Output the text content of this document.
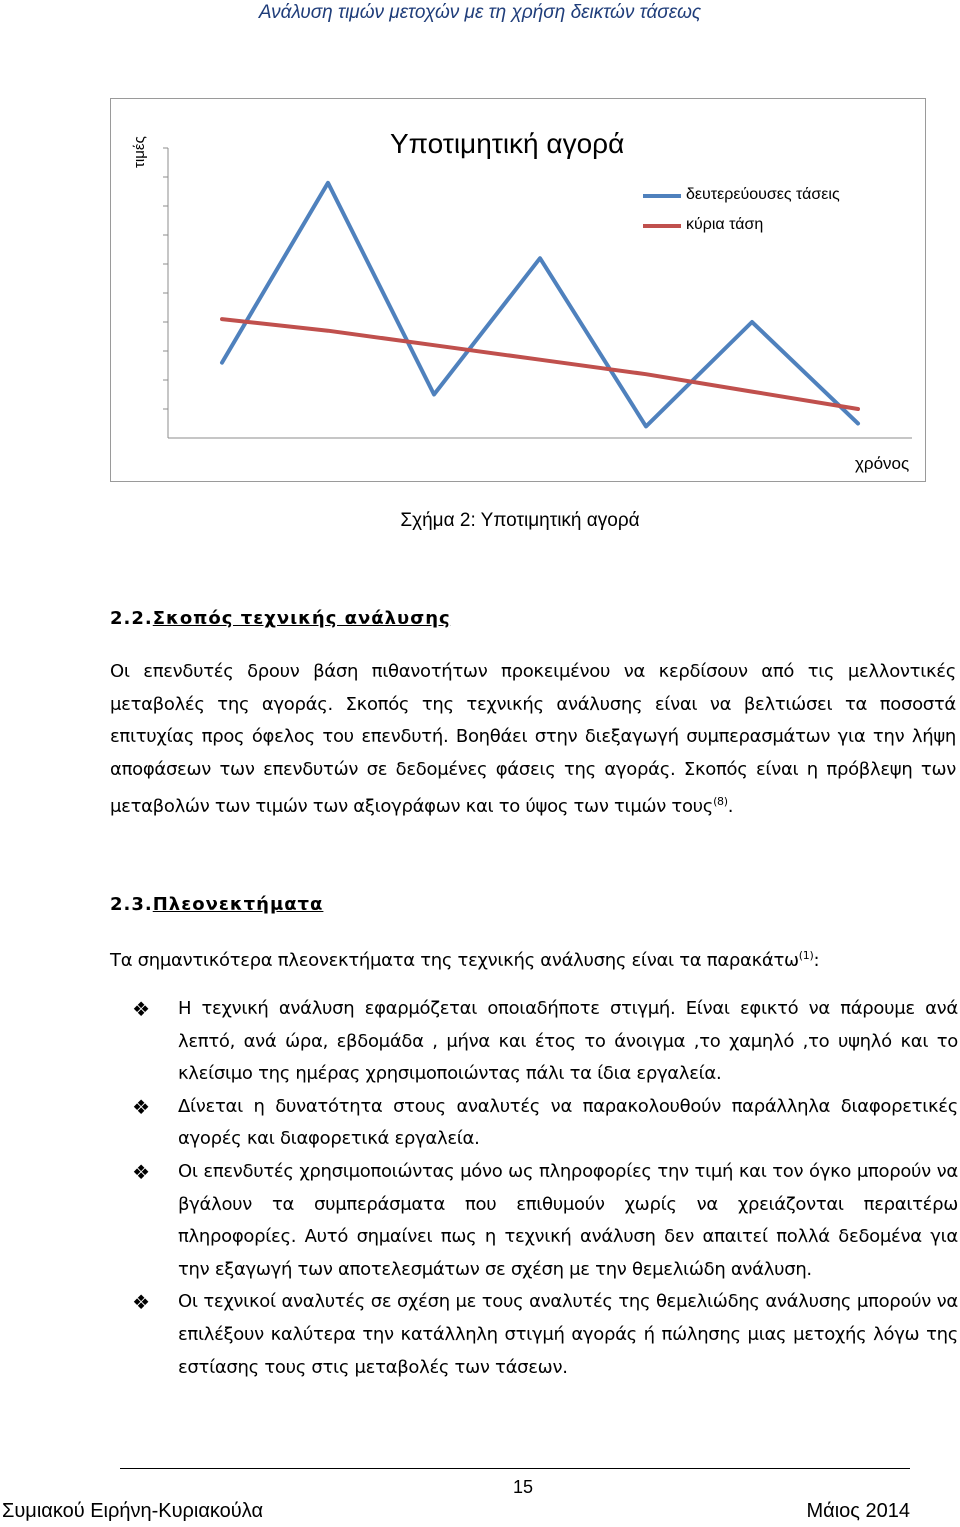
Ανάλυση τιμών μετοχών με τη χρήση δεικτών τάσεως
Υποτιμητική αγορά
τιμές
χρόνος
δευτερεύουσες τάσεις
κύρια τάση
Σχήμα 2: Υποτιμητική αγορά
2.2.Σκοπός τεχνικής ανάλυσης
Οι επενδυτές δρουν βάση πιθανοτήτων προκειμένου να κερδίσουν από τις μελλοντικές μεταβολές της αγοράς. Σκοπός της τεχνικής ανάλυσης είναι να βελτιώσει τα ποσοστά επιτυχίας προς όφελος του επενδυτή. Βοηθάει στην διεξαγωγή συμπερασμάτων για την λήψη αποφάσεων των επενδυτών σε δεδομένες φάσεις της αγοράς. Σκοπός είναι η πρόβλεψη των μεταβολών των τιμών των αξιογράφων και το ύψος των τιμών τους$^{(8)}$.
2.3.Πλεονεκτήματα
Τα σημαντικότερα πλεονεκτήματα της τεχνικής ανάλυσης είναι τα παρακάτω$^{(1)}$:
❖ Η τεχνική ανάλυση εφαρμόζεται οποιαδήποτε στιγμή. Είναι εφικτό να πάρουμε ανά λεπτό, ανά ώρα, εβδομάδα , μήνα και έτος το άνοιγμα ,το χαμηλό ,το υψηλό και το κλείσιμο της ημέρας χρησιμοποιώντας πάλι τα ίδια εργαλεία.
❖ Δίνεται η δυνατότητα στους αναλυτές να παρακολουθούν παράλληλα διαφορετικές αγορές και διαφορετικά εργαλεία.
❖ Οι επενδυτές χρησιμοποιώντας μόνο ως πληροφορίες την τιμή και τον όγκο μπορούν να βγάλουν τα συμπεράσματα που επιθυμούν χωρίς να χρειάζονται περαιτέρω πληροφορίες. Αυτό σημαίνει πως η τεχνική ανάλυση δεν απαιτεί πολλά δεδομένα για την εξαγωγή των αποτελεσμάτων σε σχέση με την θεμελιώδη ανάλυση.
❖ Οι τεχνικοί αναλυτές σε σχέση με τους αναλυτές της θεμελιώδης ανάλυσης μπορούν να επιλέξουν καλύτερα την κατάλληλη στιγμή αγοράς ή πώλησης μιας μετοχής λόγω της εστίασης τους στις μεταβολές των τάσεων.
15
Συμιακού Ειρήνη-Κυριακούλα	Μάιος 2014
